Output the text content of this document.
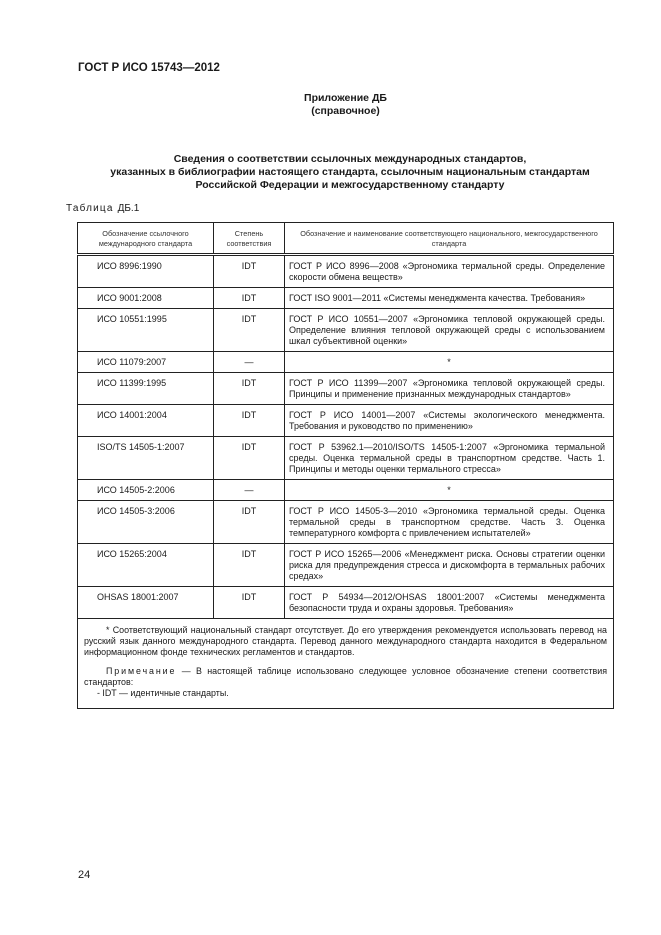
ГОСТ Р ИСО 15743—2012
Приложение ДБ
(справочное)
Сведения о соответствии ссылочных международных стандартов,
указанных в библиографии настоящего стандарта, ссылочным национальным стандартам
Российской Федерации и межгосударственному стандарту
Таблица ДБ.1
Обозначение ссылочного международного стандарта	Степень соответствия	Обозначение и наименование соответствующего национального, межгосударственного стандарта
ИСО 8996:1990	IDT	ГОСТ Р ИСО 8996—2008 «Эргономика термальной среды. Определение скорости обмена веществ»
ИСО 9001:2008	IDT	ГОСТ ISO 9001—2011 «Системы менеджмента качества. Требования»
ИСО 10551:1995	IDT	ГОСТ Р ИСО 10551—2007 «Эргономика тепловой окружающей среды. Определение влияния тепловой окружающей среды с использованием шкал субъективной оценки»
ИСО 11079:2007	—	*
ИСО 11399:1995	IDT	ГОСТ Р ИСО 11399—2007 «Эргономика тепловой окружающей среды. Принципы и применение признанных международных стандартов»
ИСО 14001:2004	IDT	ГОСТ Р ИСО 14001—2007 «Системы экологического менеджмента. Требования и руководство по применению»
ISO/TS 14505-1:2007	IDT	ГОСТ Р 53962.1—2010/ISO/TS 14505-1:2007 «Эргономика термальной среды. Оценка термальной среды в транспортном средстве. Часть 1. Принципы и методы оценки термального стресса»
ИСО 14505-2:2006	—	*
ИСО 14505-3:2006	IDT	ГОСТ Р ИСО 14505-3—2010 «Эргономика термальной среды. Оценка термальной среды в транспортном средстве. Часть 3. Оценка температурного комфорта с привлечением испытателей»
ИСО 15265:2004	IDT	ГОСТ Р ИСО 15265—2006 «Менеджмент риска. Основы стратегии оценки риска для предупреждения стресса и дискомфорта в термальных рабочих средах»
OHSAS 18001:2007	IDT	ГОСТ Р 54934—2012/OHSAS 18001:2007 «Системы менеджмента безопасности труда и охраны здоровья. Требования»

* Соответствующий национальный стандарт отсутствует. До его утверждения рекомендуется использовать перевод на русский язык данного международного стандарта. Перевод данного международного стандарта находится в Федеральном информационном фонде технических регламентов и стандартов.

Примечание — В настоящей таблице использовано следующее условное обозначение степени соответствия стандартов:

- IDT — идентичные стандарты.		

24
